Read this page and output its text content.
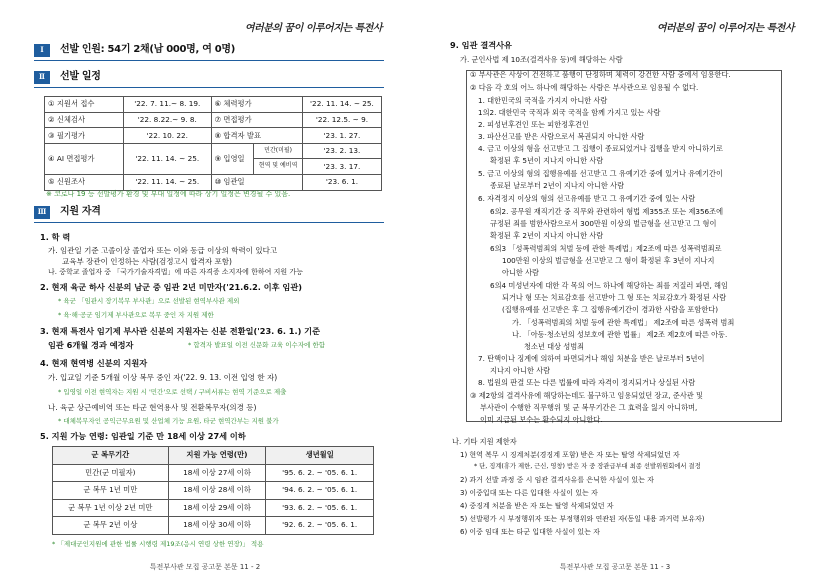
여러분의 꿈이 이루어지는 특전사
Ⅰ	선발 인원: 54기 2채(남 000명, 여 0명)
Ⅱ	선발 일정
① 지원서 접수	'22. 7. 11.~ 8. 19.	⑥ 체력평가		'22. 11. 14. ~ 25.
② 신체검사	'22. 8.22.~ 9. 8.	⑦ 면접평가		'22. 12.5. ~ 9.
③ 필기평가	'22. 10. 22.	⑧ 합격자 발표		'23. 1. 27.
④ AI 면접평가	'22. 11. 14. ~ 25.	⑨ 입영일	민간(미필)	'23. 2. 13.
			현역 및 예비역	'23. 3. 17.
⑤ 신원조사	'22. 11. 14. ~ 25.	⑩ 임관일		'23. 6. 1.
※ 코로나 19 등 선발평가 환경 및 부대 일정에 따라 상기 일정은 변경될 수 있음.
Ⅲ	지원 자격
1. 학 력
가. 임관일 기준 고졸이상 졸업자 또는 이와 동급 이상의 학력이 있다고
교육부 장관이 인정하는 사람(검정고시 합격자 포함)
나. 중학교 졸업자 중 「국가기술자격법」에 따른 자격증 소지자에 한하여 지원 가능
2. 현재 육군 하사 신분의 남군 중 임관 2년 미만자('21.6.2. 이후 임관)
* 육군 「임관시 장기복무 부사관」으로 선발된 현역부사관 제외
* 육·해·공군 임기제 부사관으로 복무 중인 자 지원 제한
3. 현재 특전사 임기제 부사관 신분의 지원자는 신분 전환일('23. 6. 1.) 기준
임관 6개월 경과 예정자	* 합격자 발표일 이전 신문화 교육 이수자에 한함
4. 현재 현역병 신분의 지원자
가. 입교일 기준 5개월 이상 복무 중인 자('22. 9. 13. 이전 입영 한 자)
* 입영일 이전 현역자는 지원 시 '민간'으로 선택 / 구비서류는 현역 기준으로 제출
나. 육군 상근예비역 또는 타군 현역용사 및 전환복무자(의경 등)
* 대체복무자인 공익근무요원 및 산업체 기능 요원, 타군 현역간부는 지원 불가
5. 지원 가능 연령: 임관일 기준 만 18세 이상 27세 이하
군 복무기간	지원 가능 연령(만)	생년월일
민간(군 미필자)	18세 이상 27세 이하	'95. 6. 2. ~ '05. 6. 1.
군 복무 1년 미만	18세 이상 28세 이하	'94. 6. 2. ~ '05. 6. 1.
군 복무 1년 이상 2년 미만	18세 이상 29세 이하	'93. 6. 2. ~ '05. 6. 1.
군 복무 2년 이상	18세 이상 30세 이하	'92. 6. 2. ~ '05. 6. 1.
* 「제대군인지원에 관한 법률 시행령 제19조(응시 연령 상한 연장)」 적용
특전부사관 모집 공고문 본문 11 - 2
여러분의 꿈이 이루어지는 특전사
9. 임관 결격사유
가. 군인사법 제 10조(결격사유 등)에 해당하는 사람
① 부사관은 사상이 건전하고 품행이 단정하며 체력이 강건한 사람 중에서 임용한다.
② 다음 각 호의 어느 하나에 해당하는 사람은 부사관으로 임용될 수 없다.
1. 대한민국의 국적을 가지지 아니한 사람
1의2. 대한민국 국적과 외국 국적을 함께 가지고 있는 사람
2. 피성년후견인 또는 피한정후견인
3. 파산선고를 받은 사람으로서 복권되지 아니한 사람
4. 금고 이상의 형을 선고받고 그 집행이 종료되었거나 집행을 받지 아니하기로
확정된 후 5년이 지나지 아니한 사람
5. 금고 이상의 형의 집행유예를 선고받고 그 유예기간 중에 있거나 유예기간이
종료된 날로부터 2년이 지나지 아니한 사람
6. 자격정지 이상의 형의 선고유예를 받고 그 유예기간 중에 있는 사람
6의2. 공무원 재직기간 중 직무와 관련하여 형법 제355조 또는 제356조에
규정된 죄를 범한사람으로서 300만원 이상의 벌금형을 선고받고 그 형이
확정된 후 2년이 지나지 아니한 사람
6의3 「성폭력범죄의 처벌 등에 관한 특례법」제2조에 따른 성폭력범죄로
100만원 이상의 벌금형을 선고받고 그 형이 확정된 후 3년이 지나지
아니한 사람
6의4 미성년자에 대한 각 목의 어느 하나에 해당하는 죄를 저질러 파면, 해임
되거나 형 또는 치료감호를 선고받아 그 형 또는 치료감호가 확정된 사람
(집행유예를 선고받은 후 그 집행유예기간이 경과한 사람을 포함한다)
가. 「성폭력범죄의 처벌 등에 관한 특례법」 제2조에 따른 성폭력 범죄
나. 「아동·청소년의 성보호에 관한 법률」 제2조 제2호에 따른 아동.
청소년 대상 성범죄
7. 탄핵이나 징계에 의하여 파면되거나 해임 처분을 받은 날로부터 5년이
지나지 아니한 사람
8. 법원의 판결 또는 다른 법률에 따라 자격이 정지되거나 상실된 사람
③ 제2항의 결격사유에 해당하는데도 불구하고 임용되었던 장교, 준사관 및
부사관이 수행한 직무행위 및 군 복무기간은 그 효력을 잃지 아니하며,
이미 지급된 보수는 환수되지 아니한다.
나. 기타 지원 제한자
1) 현역 복무 시 징계처분(경징계 포함) 받은 자 또는 탈영 삭제되었던 자
* 단, 징계(휴가 제한, 근신, 영창) 받은 자 중 장관급부대 최종 선발위원회에서 결정
2) 과거 선발 과정 중 시 임관 결격사유를 은닉한 사실이 있는 자
3) 이중입대 또는 다른 입대한 사실이 있는 자
4) 중징계 처분을 받은 자 또는 탈영 삭제되었던 자
5) 선발평가 시 부정행위자 또는 부정행위와 연관된 자(동일 내용 과거력 보유자)
6) 이중 임대 또는 타군 입대한 사실이 있는 자
특전부사관 모집 공고문 본문 11 - 3
